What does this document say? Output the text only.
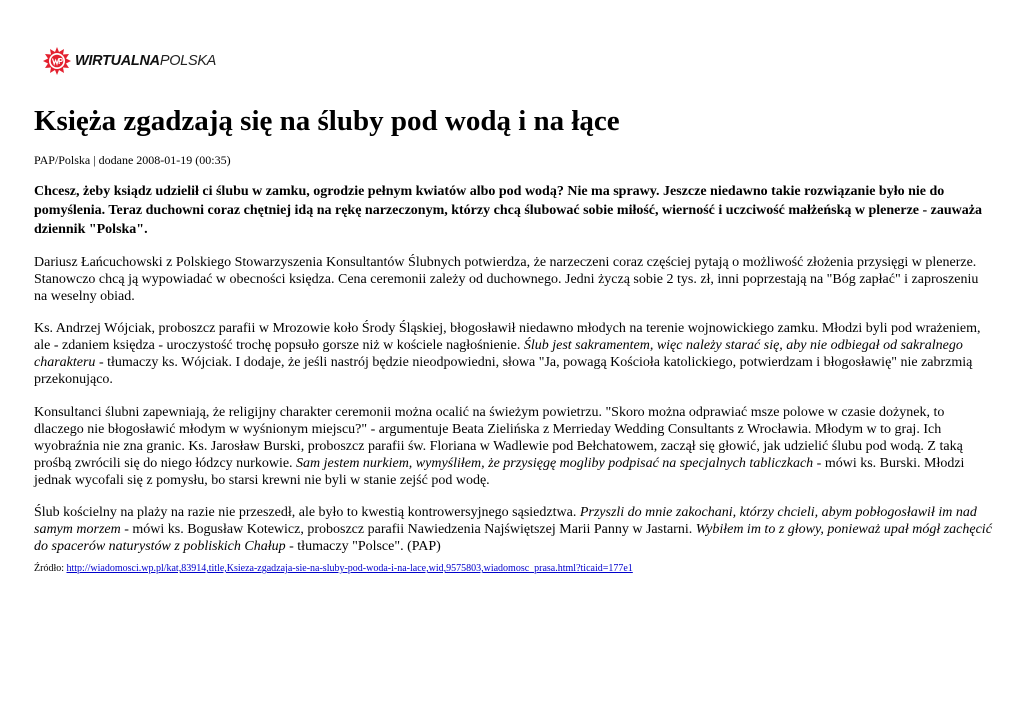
WIRTUALNAPOLSKA
Księża zgadzają się na śluby pod wodą i na łące
PAP/Polska | dodane 2008-01-19 (00:35)
Chcesz, żeby ksiądz udzielił ci ślubu w zamku, ogrodzie pełnym kwiatów albo pod wodą? Nie ma sprawy. Jeszcze niedawno takie rozwiązanie było nie do pomyślenia. Teraz duchowni coraz chętniej idą na rękę narzeczonym, którzy chcą ślubować sobie miłość, wierność i uczciwość małżeńską w plenerze - zauważa dziennik "Polska".

Dariusz Łańcuchowski z Polskiego Stowarzyszenia Konsultantów Ślubnych potwierdza, że narzeczeni coraz częściej pytają o możliwość złożenia przysięgi w plenerze. Stanowczo chcą ją wypowiadać w obecności księdza. Cena ceremonii zależy od duchownego. Jedni życzą sobie 2 tys. zł, inni poprzestają na "Bóg zapłać" i zaproszeniu na weselny obiad.

Ks. Andrzej Wójciak, proboszcz parafii w Mrozowie koło Środy Śląskiej, błogosławił niedawno młodych na terenie wojnowickiego zamku. Młodzi byli pod wrażeniem, ale - zdaniem księdza - uroczystość trochę popsuło gorsze niż w kościele nagłośnienie. Ślub jest sakramentem, więc należy starać się, aby nie odbiegał od sakralnego charakteru - tłumaczy ks. Wójciak. I dodaje, że jeśli nastrój będzie nieodpowiedni, słowa "Ja, powagą Kościoła katolickiego, potwierdzam i błogosławię" nie zabrzmią przekonująco.

Konsultanci ślubni zapewniają, że religijny charakter ceremonii można ocalić na świeżym powietrzu. "Skoro można odprawiać msze polowe w czasie dożynek, to dlaczego nie błogosławić młodym w wyśnionym miejscu?" - argumentuje Beata Zielińska z Merrieday Wedding Consultants z Wrocławia. Młodym w to graj. Ich wyobraźnia nie zna granic. Ks. Jarosław Burski, proboszcz parafii św. Floriana w Wadlewie pod Bełchatowem, zaczął się głowić, jak udzielić ślubu pod wodą. Z taką prośbą zwrócili się do niego łódzcy nurkowie. Sam jestem nurkiem, wymyśliłem, że przysięgę mogliby podpisać na specjalnych tabliczkach - mówi ks. Burski. Młodzi jednak wycofali się z pomysłu, bo starsi krewni nie byli w stanie zejść pod wodę.

Ślub kościelny na plaży na razie nie przeszedł, ale było to kwestią kontrowersyjnego sąsiedztwa. Przyszli do mnie zakochani, którzy chcieli, abym pobłogosławił im nad samym morzem - mówi ks. Bogusław Kotewicz, proboszcz parafii Nawiedzenia Najświętszej Marii Panny w Jastarni. Wybiłem im to z głowy, ponieważ upał mógł zachęcić do spacerów naturystów z pobliskich Chałup - tłumaczy "Polsce". (PAP)

Źródło: http://wiadomosci.wp.pl/kat,83914,title,Ksieza-zgadzaja-sie-na-sluby-pod-woda-i-na-lace,wid,9575803,wiadomosc_prasa.html?ticaid=177e1
